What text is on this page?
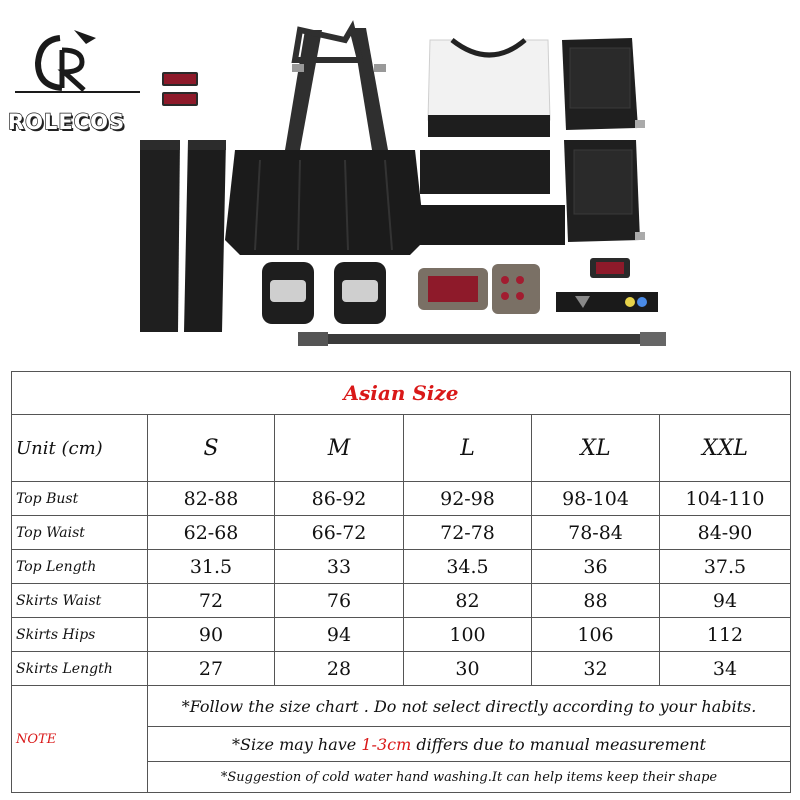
ROLECOS
Asian Size					
Unit (cm)	S	M	L	XL	XXL
Top Bust	82-88	86-92	92-98	98-104	104-110
Top Waist	62-68	66-72	72-78	78-84	84-90
Top Length	31.5	33	34.5	36	37.5
Skirts Waist	72	76	82	88	94
Skirts Hips	90	94	100	106	112
Skirts Length	27	28	30	32	34
NOTE	*Follow the size chart . Do not select directly according to your habits.				
	*Size may have 1-3cm differs due to manual measurement				
	*Suggestion of cold water hand washing.It can help items keep their shape				
